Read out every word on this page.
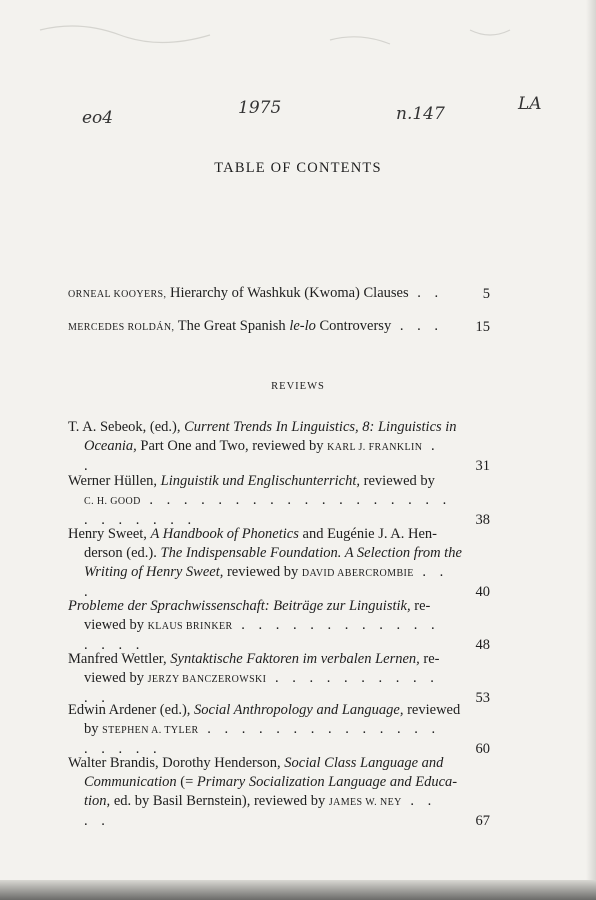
eo4	1975	n.147	LA
TABLE OF CONTENTS
ORNEAL KOOYERS, Hierarchy of Washkuk (Kwoma) Clauses . .	5
MERCEDES ROLDÁN, The Great Spanish le-lo Controversy . . .	15
REVIEWS
T. A. Sebeok, (ed.), Current Trends In Linguistics, 8: Linguistics in
Oceania, Part One and Two, reviewed by KARL J. FRANKLIN . .	31
Werner Hüllen, Linguistik und Englischunterricht, reviewed by
C. H. GOOD . . . . . . . . . . . . . . . . . . . . . . . . .	38
Henry Sweet, A Handbook of Phonetics and Eugénie J. A. Hen-
derson (ed.). The Indispensable Foundation. A Selection from the
Writing of Henry Sweet, reviewed by DAVID ABERCROMBIE . . .	40
Probleme der Sprachwissenschaft: Beiträge zur Linguistik, re-
viewed by KLAUS BRINKER . . . . . . . . . . . . . . . .	48
Manfred Wettler, Syntaktische Faktoren im verbalen Lernen, re-
viewed by JERZY BANCZEROWSKI . . . . . . . . . . . .	53
Edwin Ardener (ed.), Social Anthropology and Language, reviewed
by STEPHEN A. TYLER . . . . . . . . . . . . . . . . . . .	60
Walter Brandis, Dorothy Henderson, Social Class Language and
Communication (= Primary Socialization Language and Educa-
tion, ed. by Basil Bernstein), reviewed by JAMES W. NEY . . . .	67
